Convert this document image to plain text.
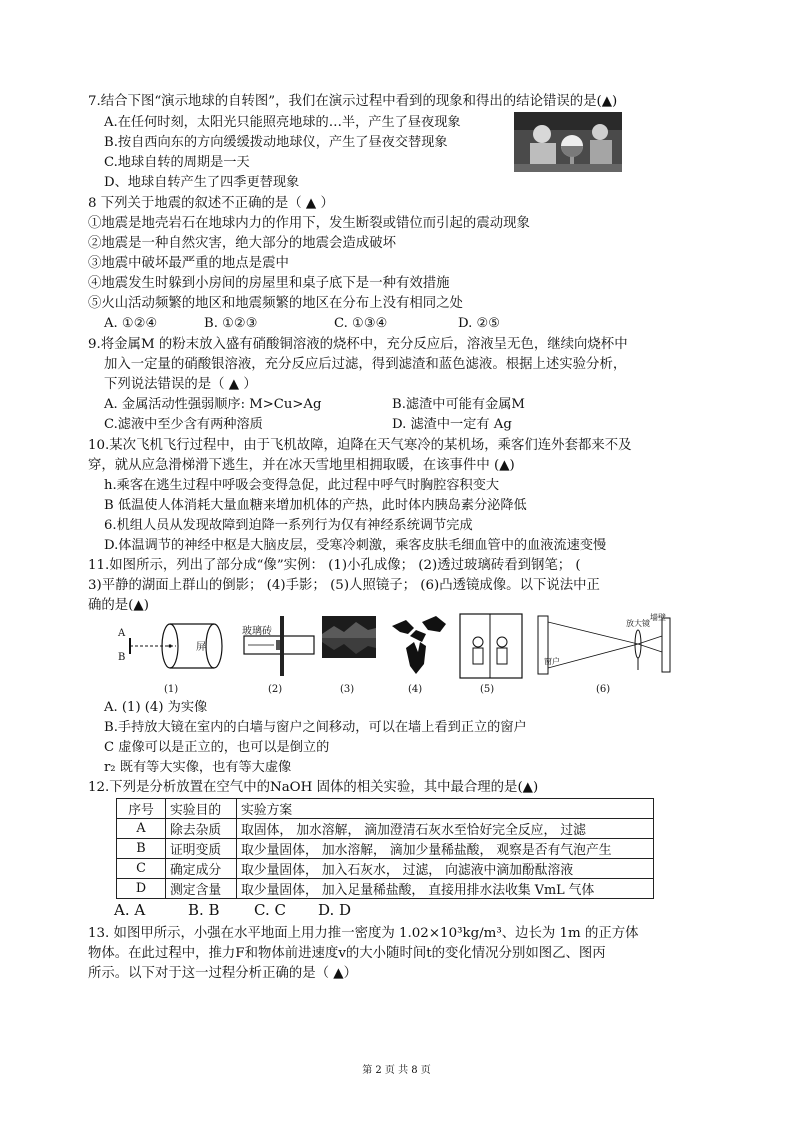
7.结合下图“演示地球的自转图”，我们在演示过程中看到的现象和得出的结论错误的是(▲)
A.在任何时刻，太阳光只能照亮地球的…半，产生了昼夜现象
B.按自西向东的方向缓缓拨动地球仪，产生了昼夜交替现象
C.地球自转的周期是一天
D、地球自转产生了四季更替现象
8 下列关于地震的叙述不正确的是（ ▲ ）
①地震是地壳岩石在地球内力的作用下，发生断裂或错位而引起的震动现象
②地震是一种自然灾害，绝大部分的地震会造成破坏
③地震中破坏最严重的地点是震中
④地震发生时躲到小房间的房屋里和桌子底下是一种有效措施
⑤火山活动频繁的地区和地震频繁的地区在分布上没有相同之处
A. ①②④	B. ①②③	C. ①③④	D. ②⑤
9.将金属M 的粉末放入盛有硝酸铜溶液的烧杯中，充分反应后，溶液呈无色，继续向烧杯中
加入一定量的硝酸银溶液，充分反应后过滤，得到滤渣和蓝色滤液。根据上述实验分析，
下列说法错误的是（ ▲ ）
A. 金属活动性强弱顺序: M>Cu>Ag	B.滤渣中可能有金属M
C.滤液中至少含有两种溶质	D. 滤渣中一定有 Ag
10.某次飞机飞行过程中，由于飞机故障，迫降在天气寒冷的某机场，乘客们连外套都来不及
穿，就从应急滑梯滑下逃生，并在冰天雪地里相拥取暖，在该事件中 (▲)
h.乘客在逃生过程中呼吸会变得急促，此过程中呼气时胸腔容积变大
B 低温使人体消耗大量血糖来增加机体的产热，此时体内胰岛素分泌降低
6.机组人员从发现故障到迫降一系列行为仅有神经系统调节完成
D.体温调节的神经中枢是大脑皮层，受寒冷刺激，乘客皮肤毛细血管中的血液流速变慢
11.如图所示，列出了部分成“像”实例： (1)小孔成像； (2)透过玻璃砖看到钢笔； (
3)平静的湖面上群山的倒影； (4)手影； (5)人照镜子； (6)凸透镜成像。以下说法中正
确的是(▲)
A
B
屏
(1)
玻璃砖
(2)	(3)	(4)	(5)
窗户
放大镜
墙壁
(6)
A. (1) (4) 为实像
B.手持放大镜在室内的白墙与窗户之间移动，可以在墙上看到正立的窗户
C 虚像可以是正立的，也可以是倒立的
r₂ 既有等大实像，也有等大虚像
12.下列是分析放置在空气中的NaOH 固体的相关实验，其中最合理的是(▲)
序号	实验目的	实验方案
A	除去杂质	取固体， 加水溶解， 滴加澄清石灰水至恰好完全反应， 过滤
B	证明变质	取少量固体， 加水溶解， 滴加少量稀盐酸， 观察是否有气泡产生
C	确定成分	取少量固体， 加入石灰水， 过滤， 向滤液中滴加酚酞溶液
D	测定含量	取少量固体， 加入足量稀盐酸， 直接用排水法收集 VmL 气体
A. A	B. B C. C D. D
13. 如图甲所示，小强在水平地面上用力推一密度为 1.02×10³kg/m³、边长为 1m 的正方体
物体。在此过程中，推力F和物体前进速度v的大小随时间t的变化情况分别如图乙、图丙
所示。以下对于这一过程分析正确的是（ ▲）
第 2 页 共 8 页
